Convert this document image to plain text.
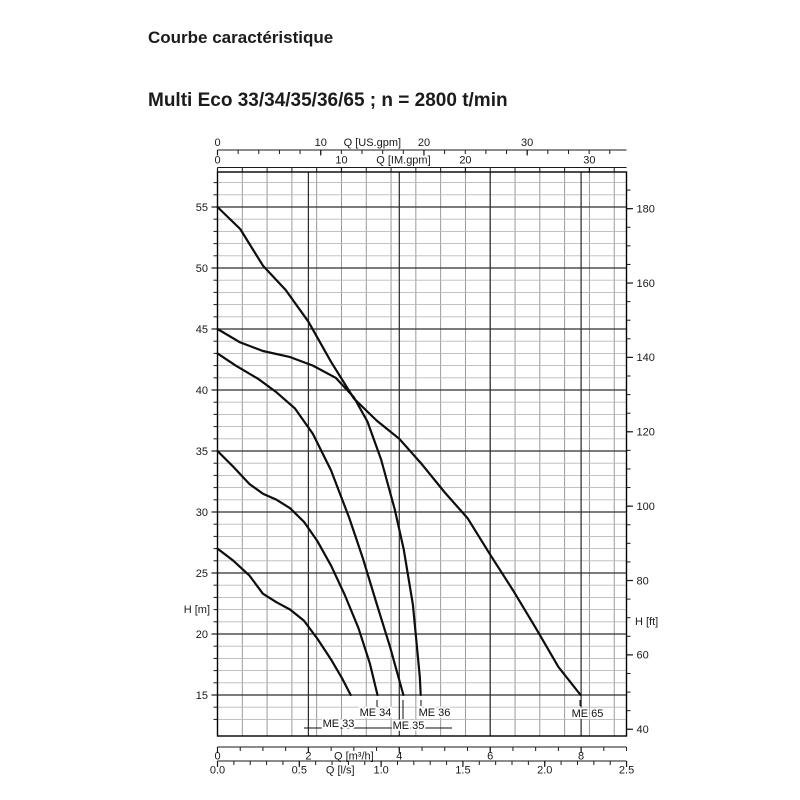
Courbe caractéristique
Multi Eco 33/34/35/36/65 ; n = 2800 t/min
0	10	20	30
Q [US.gpm]
0	10	20	30
Q [IM.gpm]
0	2	4	6	8
Q [m³/h]
0.0	0.5	1.0	1.5	2.0	2.5
Q [l/s]
15
20
25
30
35
40
45
50
55
H [m]
40
60
80
100
120
140
160
180
H [ft]
ME 33
ME 34
ME 35
ME 36	ME 65
